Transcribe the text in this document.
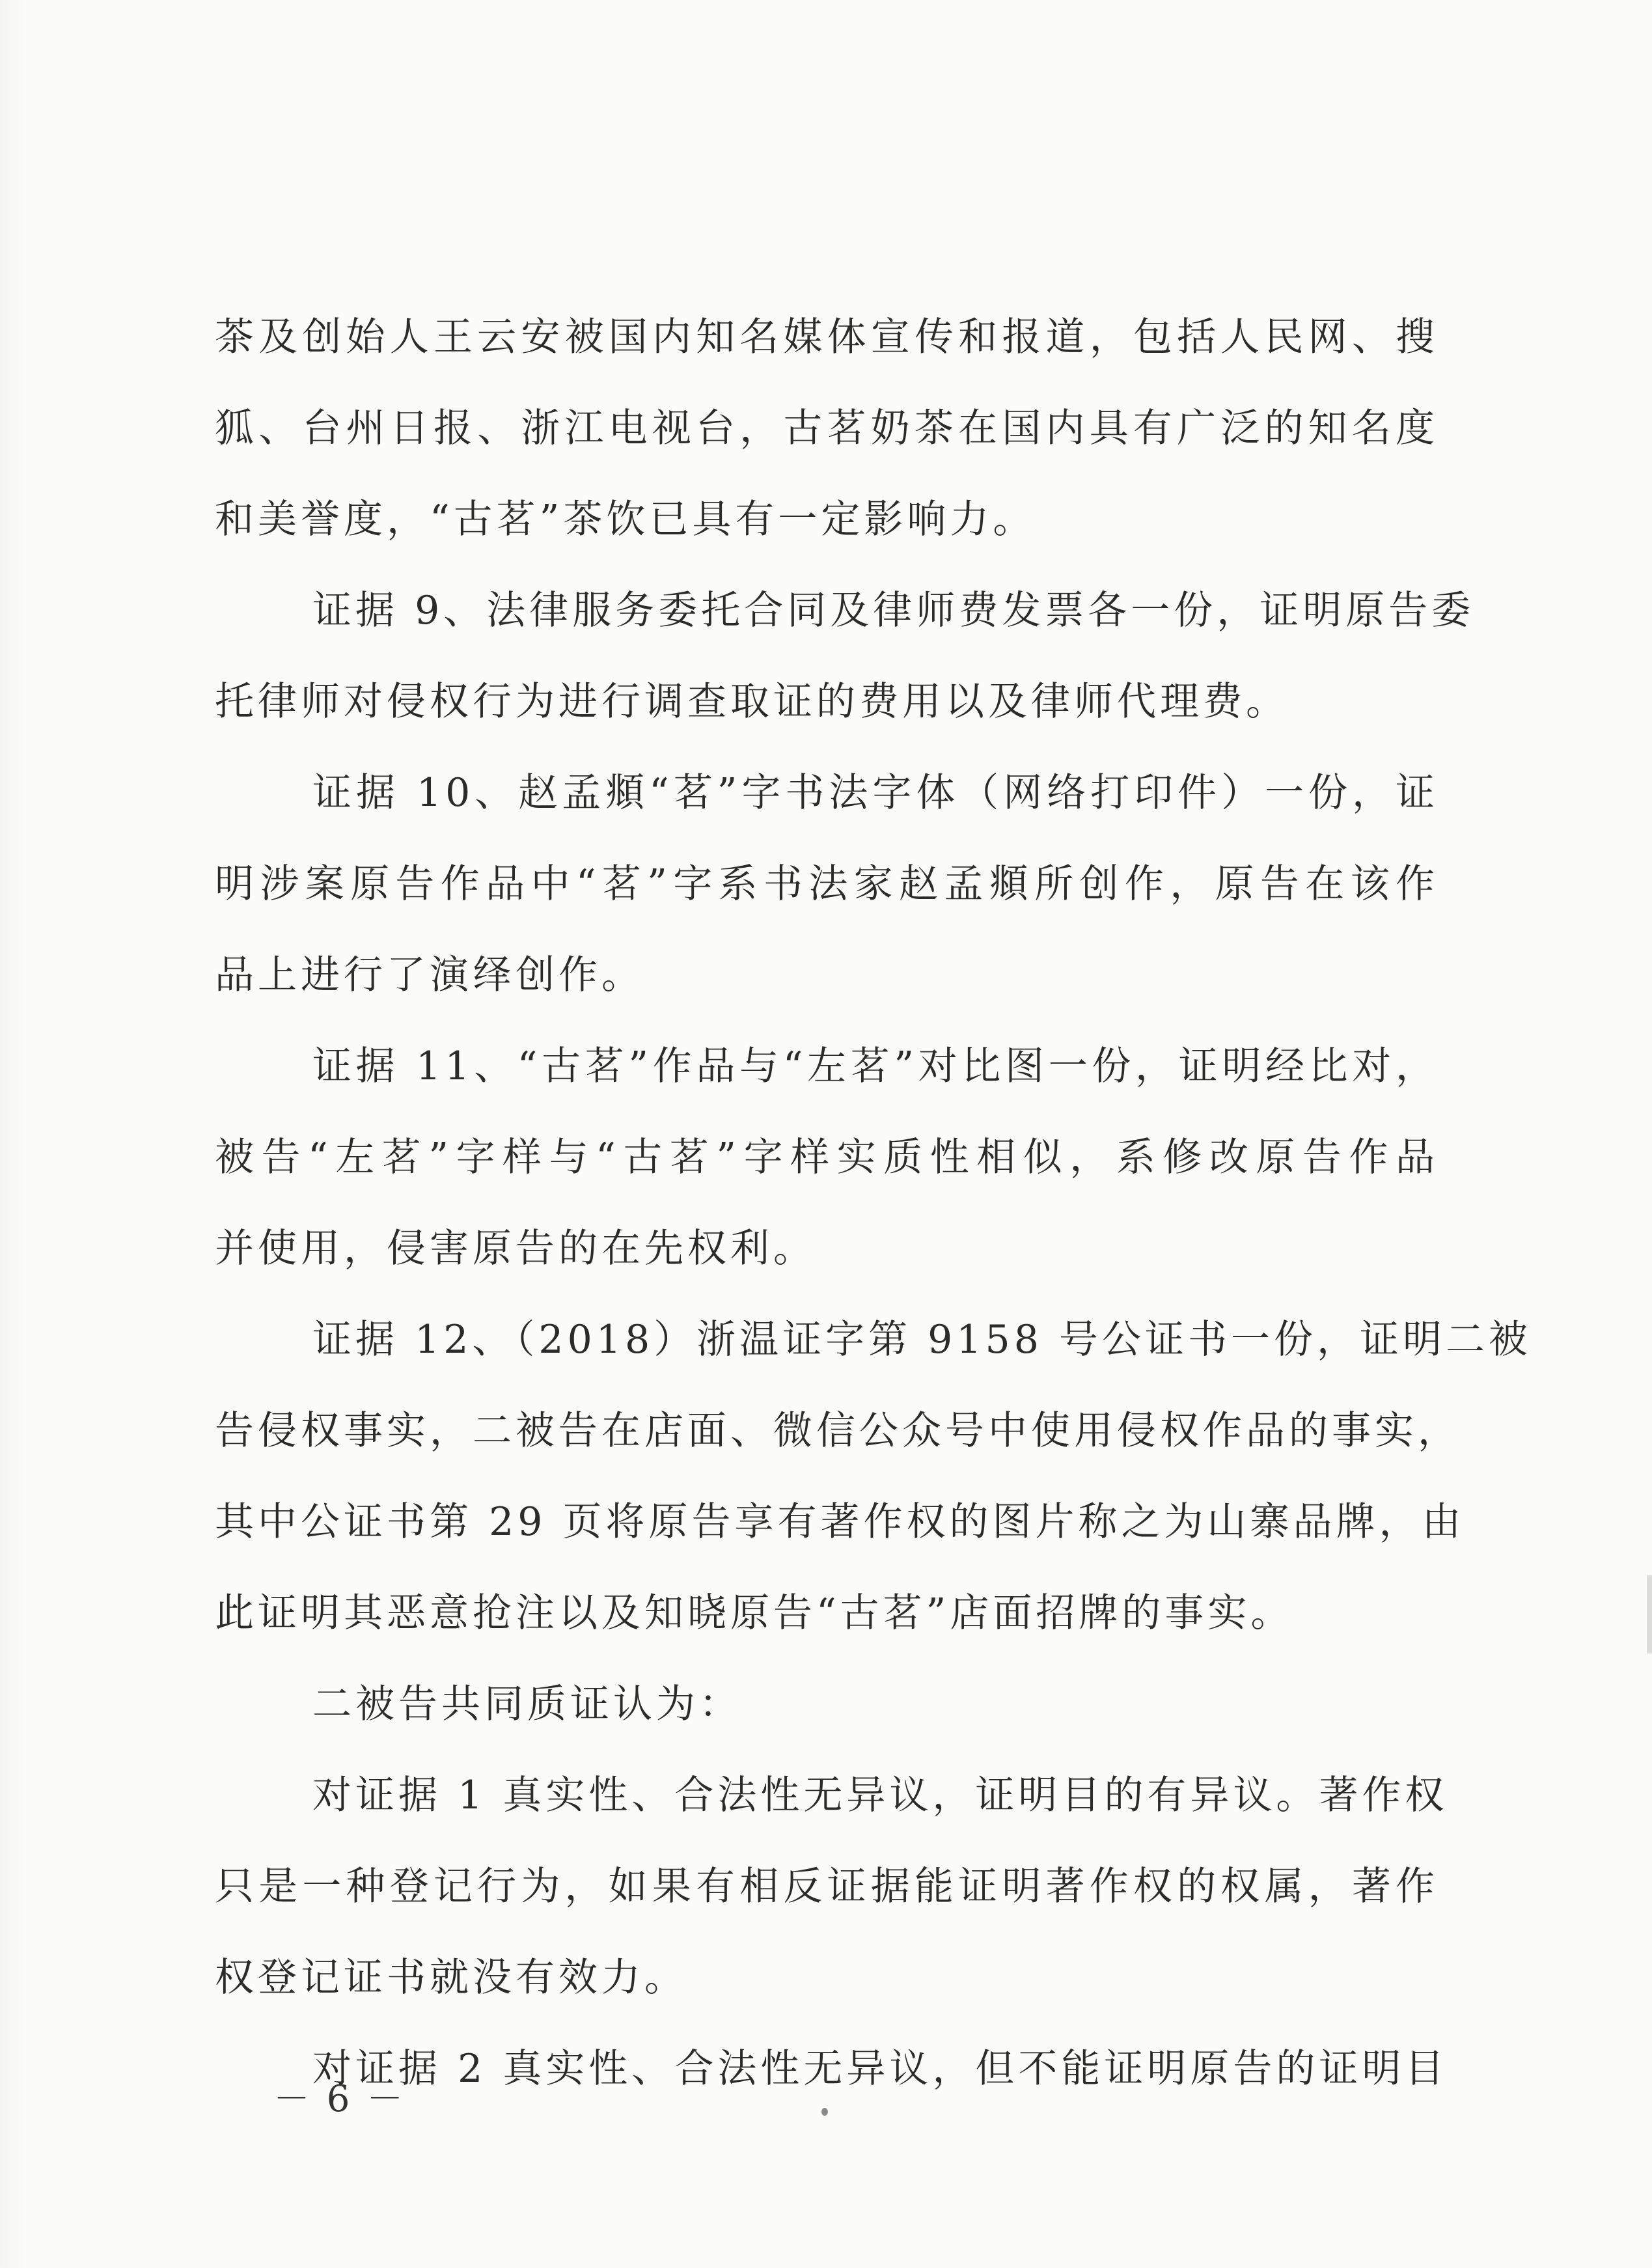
茶及创始人王云安被国内知名媒体宣传和报道，包括人民网、搜
狐、台州日报、浙江电视台，古茗奶茶在国内具有广泛的知名度
和美誉度，“古茗”茶饮已具有一定影响力。
证据 9、法律服务委托合同及律师费发票各一份，证明原告委
托律师对侵权行为进行调查取证的费用以及律师代理费。
证据 10、赵孟頫“茗”字书法字体（网络打印件）一份，证
明涉案原告作品中“茗”字系书法家赵孟頫所创作，原告在该作
品上进行了演绎创作。
证据 11、“古茗”作品与“左茗”对比图一份，证明经比对，
被告“左茗”字样与“古茗”字样实质性相似，系修改原告作品
并使用，侵害原告的在先权利。
证据 12、（2018）浙温证字第 9158 号公证书一份，证明二被
告侵权事实，二被告在店面、微信公众号中使用侵权作品的事实，
其中公证书第 29 页将原告享有著作权的图片称之为山寨品牌，由
此证明其恶意抢注以及知晓原告“古茗”店面招牌的事实。
二被告共同质证认为：
对证据 1 真实性、合法性无异议，证明目的有异议。著作权
只是一种登记行为，如果有相反证据能证明著作权的权属，著作
权登记证书就没有效力。
对证据 2 真实性、合法性无异议，但不能证明原告的证明目
－ 6 －
